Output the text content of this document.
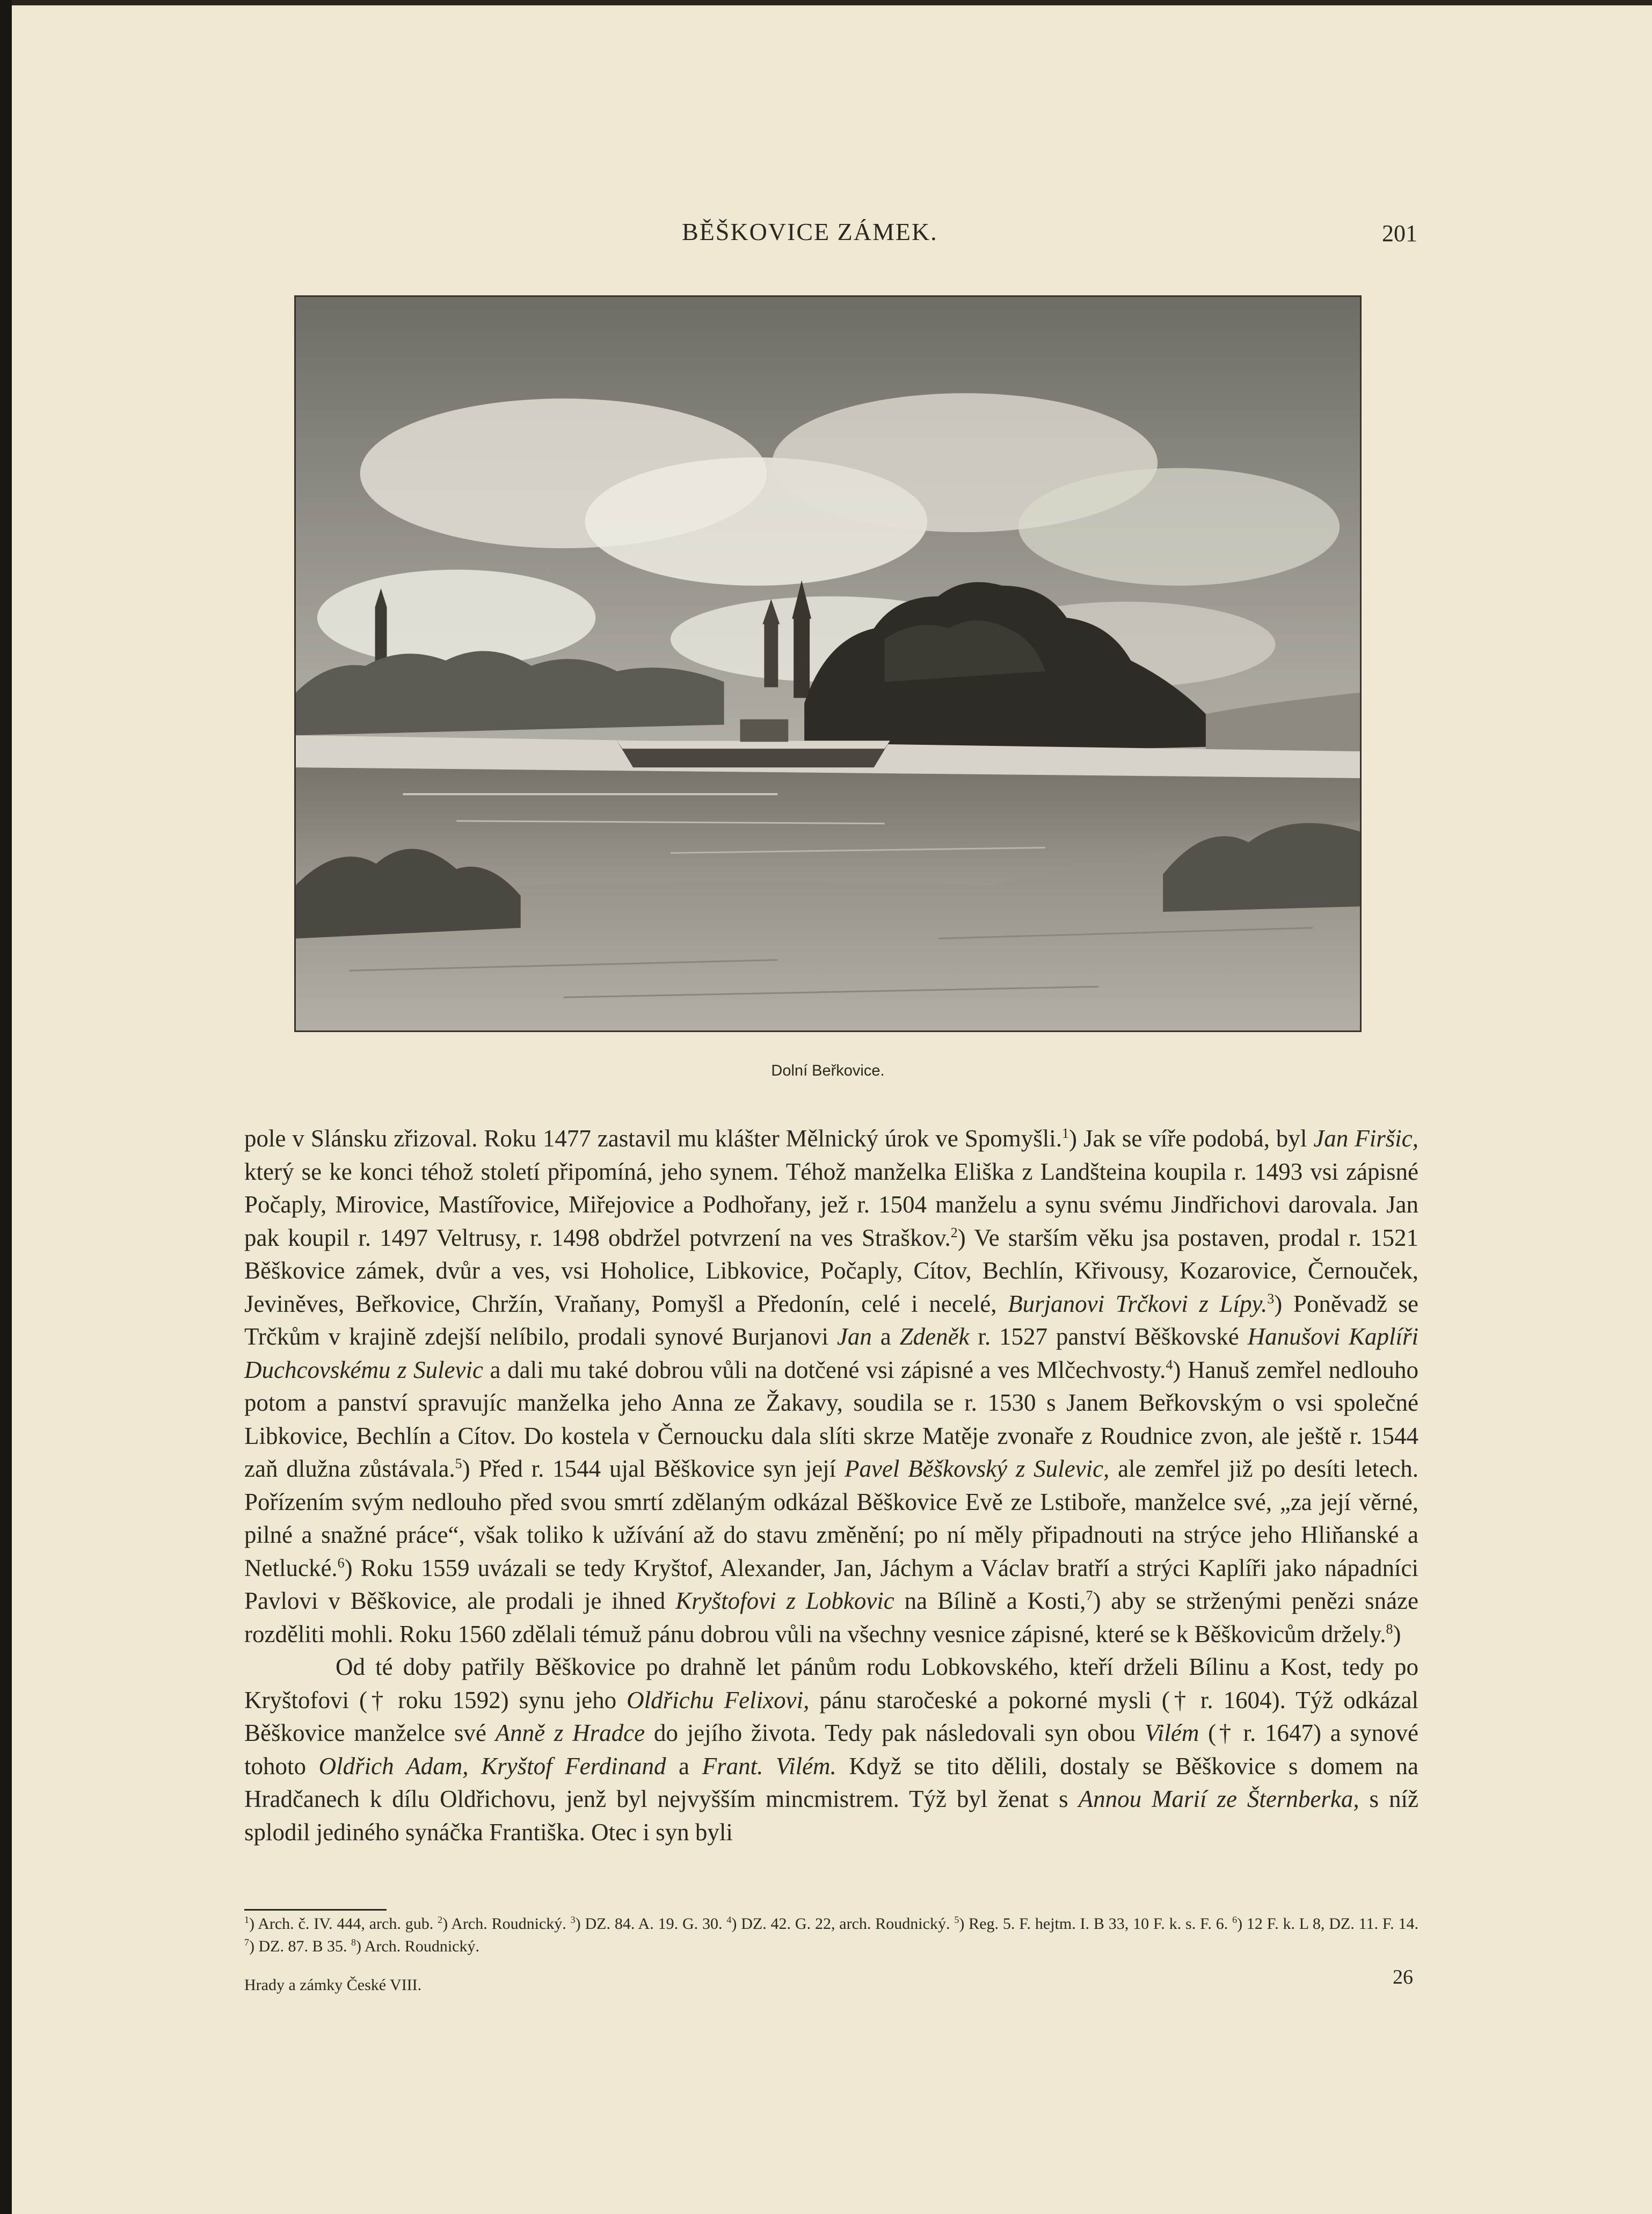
BĚŠKOVICE ZÁMEK.	201
Dolní Beřkovice.

pole v Slánsku zřizoval. Roku 1477 zastavil mu klášter Mělnický úrok ve Spomyšli.$^1$) Jak se víře podobá, byl Jan Firšic, který se ke konci téhož století připomíná, jeho synem. Téhož manželka Eliška z Landšteina koupila r. 1493 vsi zápisné Počaply, Mirovice, Mastířovice, Miřejovice a Podhořany, jež r. 1504 manželu a synu svému Jindřichovi darovala. Jan pak koupil r. 1497 Veltrusy, r. 1498 obdržel potvrzení na ves Straškov.$^2$) Ve starším věku jsa postaven, prodal r. 1521 Běškovice zámek, dvůr a ves, vsi Hoholice, Libkovice, Počaply, Cítov, Bechlín, Křivousy, Kozarovice, Černouček, Jeviněves, Beřkovice, Chržín, Vraňany, Pomyšl a Předonín, celé i necelé, Burjanovi Trčkovi z Lípy.$^3$) Poněvadž se Trčkům v krajině zdejší nelíbilo, prodali synové Burjanovi Jan a Zdeněk r. 1527 panství Běškovské Hanušovi Kaplíři Duchcovskému z Sulevic a dali mu také dobrou vůli na dotčené vsi zápisné a ves Mlčechvosty.$^4$) Hanuš zemřel nedlouho potom a panství spravujíc manželka jeho Anna ze Žakavy, soudila se r. 1530 s Janem Beřkovským o vsi společné Libkovice, Bechlín a Cítov. Do kostela v Černoucku dala slíti skrze Matěje zvonaře z Roudnice zvon, ale ještě r. 1544 zaň dlužna zůstávala.$^5$) Před r. 1544 ujal Běškovice syn její Pavel Běškovský z Sulevic, ale zemřel již po desíti letech. Pořízením svým nedlouho před svou smrtí zdělaným odkázal Běškovice Evě ze Lstiboře, manželce své, „za její věrné, pilné a snažné práce“, však toliko k užívání až do stavu změnění; po ní měly připadnouti na strýce jeho Hliňanské a Netlucké.$^6$) Roku 1559 uvázali se tedy Kryštof, Alexander, Jan, Jáchym a Václav bratří a strýci Kaplíři jako nápadníci Pavlovi v Běškovice, ale prodali je ihned Kryštofovi z Lobkovic na Bílině a Kosti,$^7$) aby se strženými penězi snáze rozděliti mohli. Roku 1560 zdělali témuž pánu dobrou vůli na všechny vesnice zápisné, které se k Běškovicům držely.$^8$)

Od té doby patřily Běškovice po drahně let pánům rodu Lobkovského, kteří drželi Bílinu a Kost, tedy po Kryštofovi († roku 1592) synu jeho Oldřichu Felixovi, pánu staročeské a pokorné mysli († r. 1604). Týž odkázal Běškovice manželce své Anně z Hradce do jejího života. Tedy pak následovali syn obou Vilém († r. 1647) a synové tohoto Oldřich Adam, Kryštof Ferdinand a Frant. Vilém. Když se tito dělili, dostaly se Běškovice s domem na Hradčanech k dílu Oldřichovu, jenž byl nejvyšším mincmistrem. Týž byl ženat s Annou Marií ze Šternberka, s níž splodil jediného synáčka Františka. Otec i syn byli

$^1$) Arch. č. IV. 444, arch. gub. $^2$) Arch. Roudnický. $^3$) DZ. 84. A. 19. G. 30. $^4$) DZ. 42. G. 22, arch. Roudnický. $^5$) Reg. 5. F. hejtm. I. B 33, 10 F. k. s. F. 6. $^6$) 12 F. k. L 8, DZ. 11. F. 14. $^7$) DZ. 87. B 35. $^8$) Arch. Roudnický.
Hrady a zámky České VIII.	26
